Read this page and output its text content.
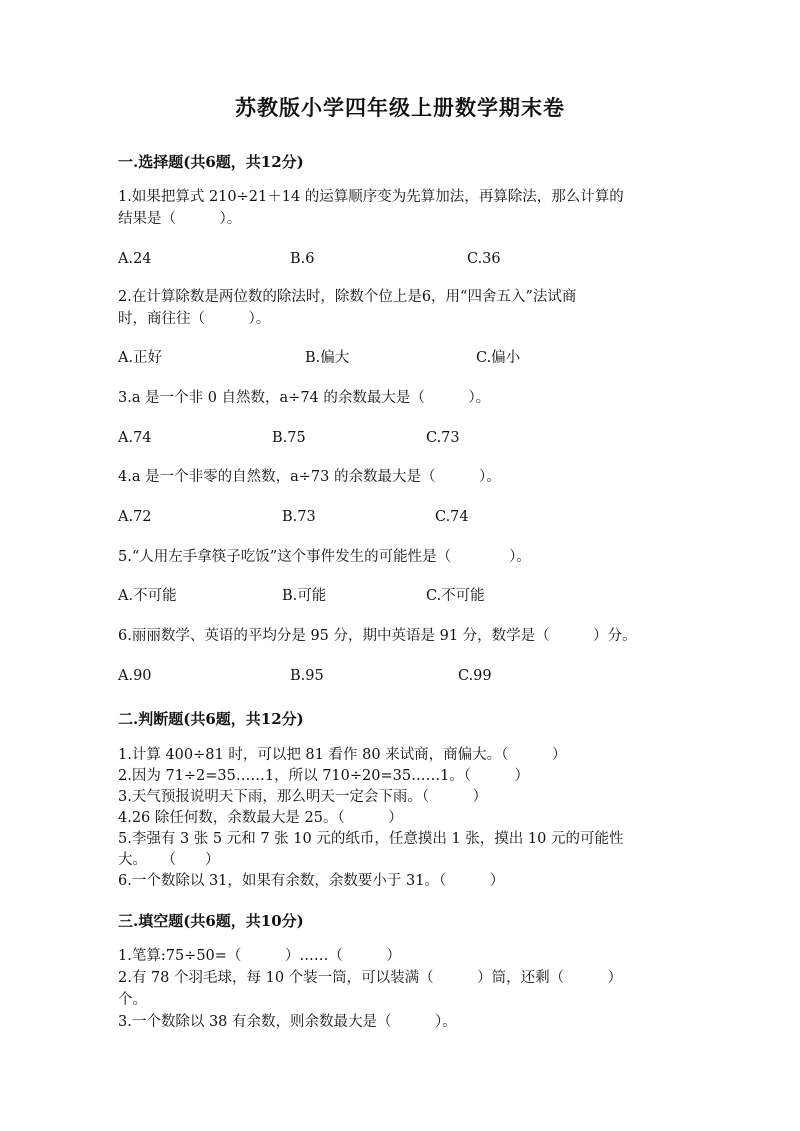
苏教版小学四年级上册数学期末卷
一.选择题(共6题，共12分)
1.如果把算式 210÷21＋14 的运算顺序变为先算加法，再算除法，那么计算的
结果是（　　　）。
A.24	B.6	C.36
2.在计算除数是两位数的除法时，除数个位上是6，用“四舍五入”法试商
时，商往往（　　　）。
A.正好	B.偏大	C.偏小
3.a 是一个非 0 自然数，a÷74 的余数最大是（　　　）。
A.74	B.75	C.73
4.a 是一个非零的自然数，a÷73 的余数最大是（　　　）。
A.72	B.73	C.74
5.“人用左手拿筷子吃饭”这个事件发生的可能性是（　　　　）。
A.不可能	B.可能	C.不可能
6.丽丽数学、英语的平均分是 95 分，期中英语是 91 分，数学是（　　　）分。
A.90	B.95	C.99
二.判断题(共6题，共12分)
1.计算 400÷81 时，可以把 81 看作 80 来试商，商偏大。（　　　）
2.因为 71÷2=35……1，所以 710÷20=35……1。（　　　）
3.天气预报说明天下雨，那么明天一定会下雨。（　　　）
4.26 除任何数，余数最大是 25。（　　　）
5.李强有 3 张 5 元和 7 张 10 元的纸币，任意摸出 1 张，摸出 10 元的可能性
大。　　（　　）
6.一个数除以 31，如果有余数，余数要小于 31。（　　　）
三.填空题(共6题，共10分)
1.笔算:75÷50=（　　　）……（　　　）
2.有 78 个羽毛球，每 10 个装一筒，可以装满（　　　）筒，还剩（　　　）
个。
3.一个数除以 38 有余数，则余数最大是（　　　）。
